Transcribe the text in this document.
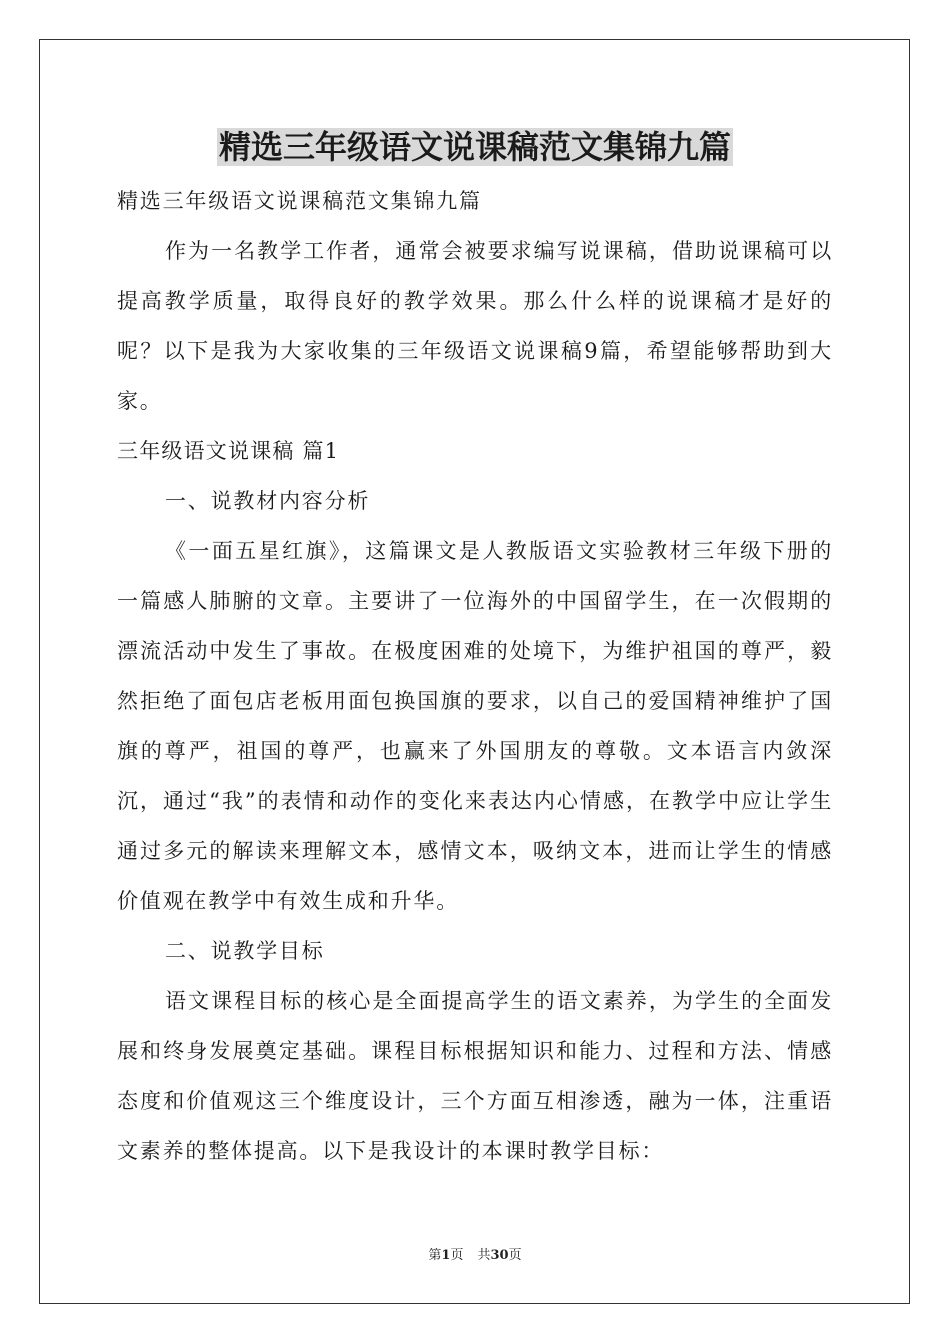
精选三年级语文说课稿范文集锦九篇

精选三年级语文说课稿范文集锦九篇

作为一名教学工作者，通常会被要求编写说课稿，借助说课稿可以提高教学质量，取得良好的教学效果。那么什么样的说课稿才是好的呢？以下是我为大家收集的三年级语文说课稿9篇，希望能够帮助到大家。

三年级语文说课稿 篇1

一、说教材内容分析

《一面五星红旗》，这篇课文是人教版语文实验教材三年级下册的一篇感人肺腑的文章。主要讲了一位海外的中国留学生，在一次假期的漂流活动中发生了事故。在极度困难的处境下，为维护祖国的尊严，毅然拒绝了面包店老板用面包换国旗的要求，以自己的爱国精神维护了国旗的尊严，祖国的尊严，也赢来了外国朋友的尊敬。文本语言内敛深沉，通过“我”的表情和动作的变化来表达内心情感，在教学中应让学生通过多元的解读来理解文本，感情文本，吸纳文本，进而让学生的情感价值观在教学中有效生成和升华。

二、说教学目标

语文课程目标的核心是全面提高学生的语文素养，为学生的全面发展和终身发展奠定基础。课程目标根据知识和能力、过程和方法、情感态度和价值观这三个维度设计，三个方面互相渗透，融为一体，注重语文素养的整体提高。以下是我设计的本课时教学目标：

第1页 共30页
